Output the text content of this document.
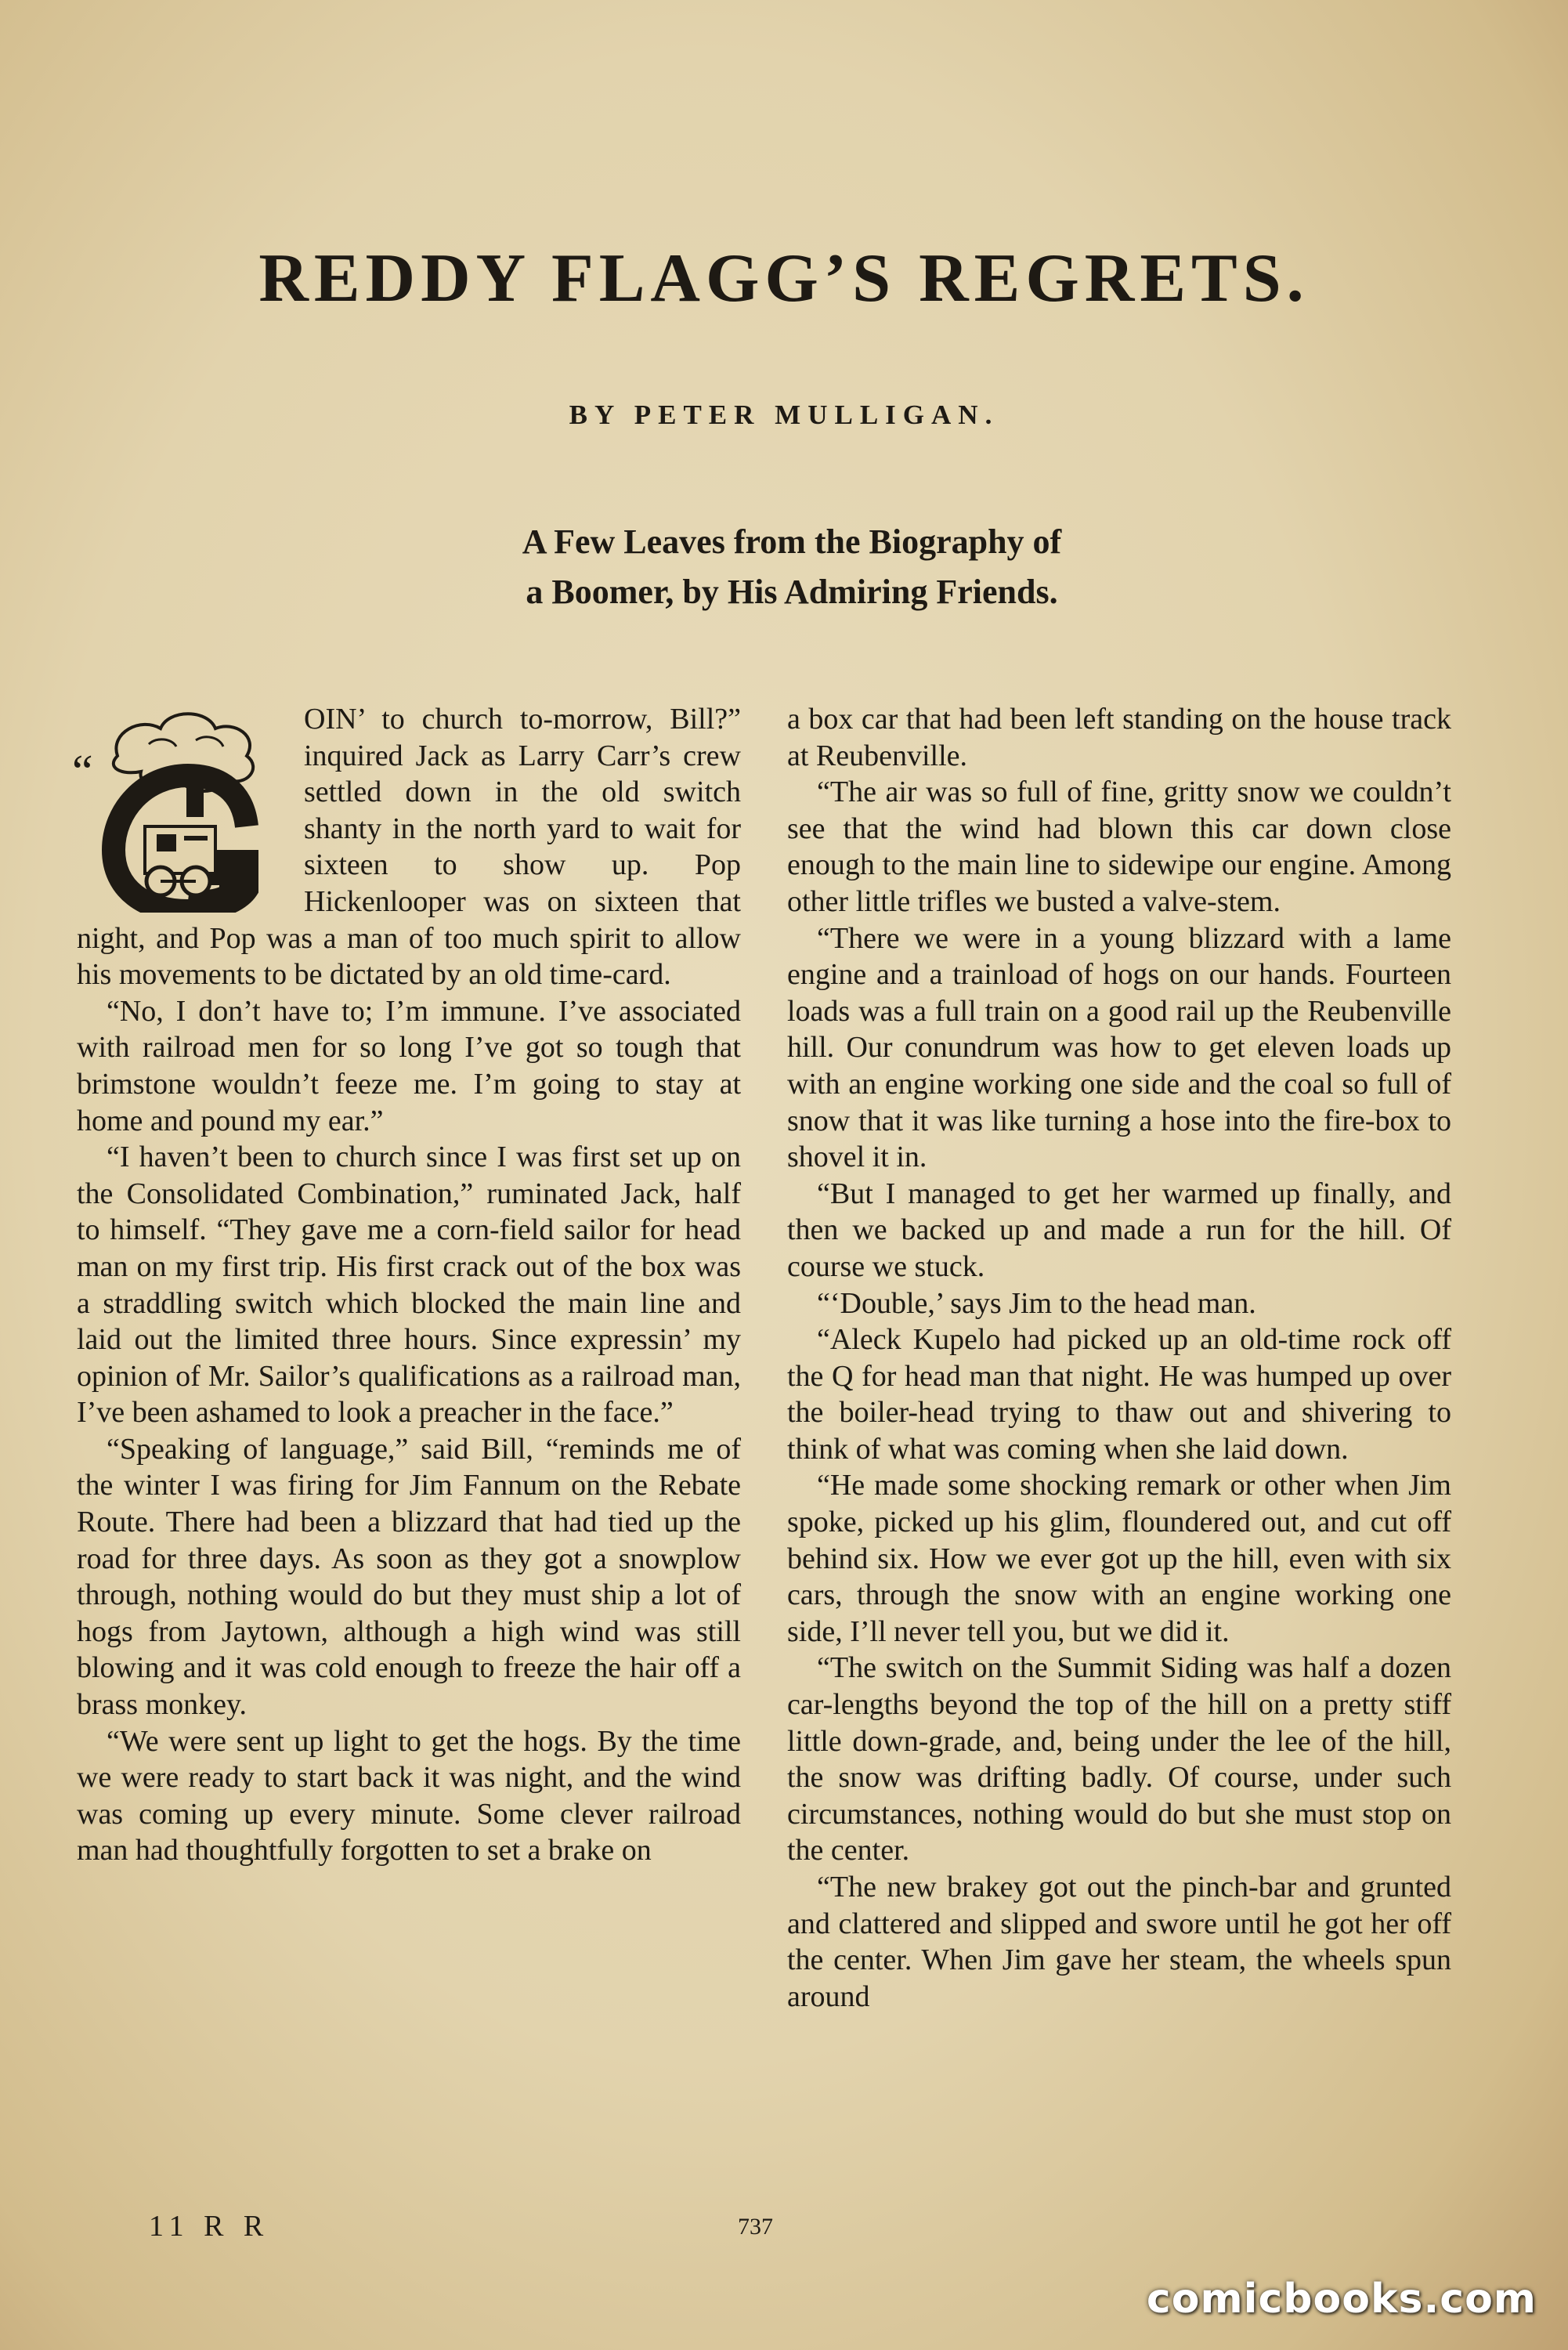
REDDY FLAGG’S REGRETS.
BY PETER MULLIGAN.
A Few Leaves from the Biography of
a Boomer, by His Admiring Friends.
“

OIN’ to church to-morrow, Bill?” inquired Jack as Larry Carr’s crew settled down in the old switch shanty in the north yard to wait for sixteen to show up. Pop Hickenlooper was on sixteen that night, and Pop was a man of too much spirit to allow his movements to be dictated by an old time-card.

“No, I don’t have to; I’m immune. I’ve associated with railroad men for so long I’ve got so tough that brimstone wouldn’t feeze me. I’m going to stay at home and pound my ear.”

“I haven’t been to church since I was first set up on the Consolidated Combination,” ruminated Jack, half to himself. “They gave me a corn-field sailor for head man on my first trip. His first crack out of the box was a straddling switch which blocked the main line and laid out the limited three hours. Since expressin’ my opinion of Mr. Sailor’s qualifications as a railroad man, I’ve been ashamed to look a preacher in the face.”

“Speaking of language,” said Bill, “reminds me of the winter I was firing for Jim Fannum on the Rebate Route. There had been a blizzard that had tied up the road for three days. As soon as they got a snowplow through, nothing would do but they must ship a lot of hogs from Jaytown, although a high wind was still blowing and it was cold enough to freeze the hair off a brass monkey.

“We were sent up light to get the hogs. By the time we were ready to start back it was night, and the wind was coming up every minute. Some clever railroad man had thoughtfully forgotten to set a brake on

a box car that had been left standing on the house track at Reubenville.

“The air was so full of fine, gritty snow we couldn’t see that the wind had blown this car down close enough to the main line to sidewipe our engine. Among other little trifles we busted a valve-stem.

“There we were in a young blizzard with a lame engine and a trainload of hogs on our hands. Fourteen loads was a full train on a good rail up the Reubenville hill. Our conundrum was how to get eleven loads up with an engine working one side and the coal so full of snow that it was like turning a hose into the fire-box to shovel it in.

“But I managed to get her warmed up finally, and then we backed up and made a run for the hill. Of course we stuck.

“‘Double,’ says Jim to the head man.

“Aleck Kupelo had picked up an old-time rock off the Q for head man that night. He was humped up over the boiler-head trying to thaw out and shivering to think of what was coming when she laid down.

“He made some shocking remark or other when Jim spoke, picked up his glim, floundered out, and cut off behind six. How we ever got up the hill, even with six cars, through the snow with an engine working one side, I’ll never tell you, but we did it.

“The switch on the Summit Siding was half a dozen car-lengths beyond the top of the hill on a pretty stiff little down-grade, and, being under the lee of the hill, the snow was drifting badly. Of course, under such circumstances, nothing would do but she must stop on the center.

“The new brakey got out the pinch-bar and grunted and clattered and slipped and swore until he got her off the center. When Jim gave her steam, the wheels spun around

11 R R	737
comicbooks.com
